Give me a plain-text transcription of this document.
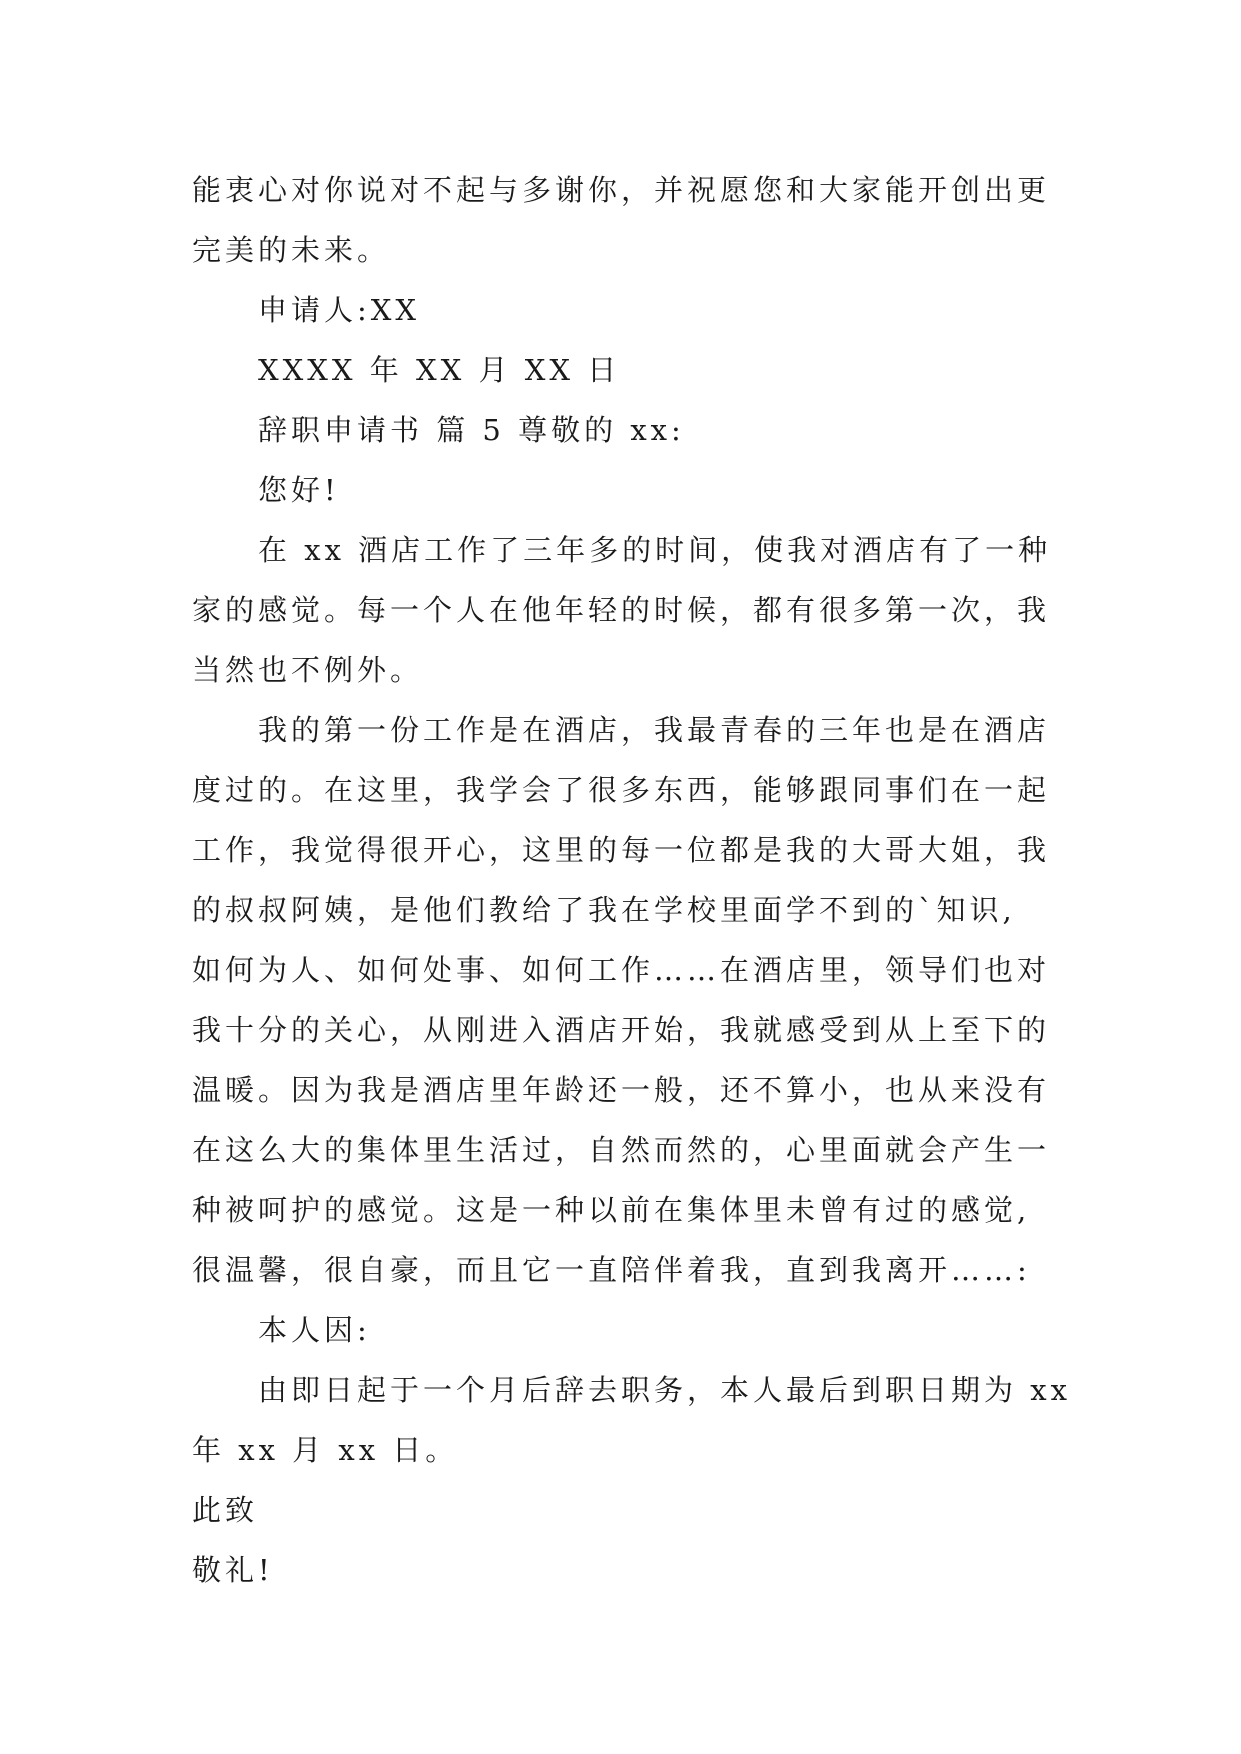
能衷心对你说对不起与多谢你，并祝愿您和大家能开创出更
完美的未来。
申请人:XX
XXXX 年 XX 月 XX 日
辞职申请书 篇 5 尊敬的 xx:
您好!
在 xx 酒店工作了三年多的时间，使我对酒店有了一种
家的感觉。每一个人在他年轻的时候，都有很多第一次，我
当然也不例外。
我的第一份工作是在酒店，我最青春的三年也是在酒店
度过的。在这里，我学会了很多东西，能够跟同事们在一起
工作，我觉得很开心，这里的每一位都是我的大哥大姐，我
的叔叔阿姨，是他们教给了我在学校里面学不到的`知识,
如何为人、如何处事、如何工作……在酒店里，领导们也对
我十分的关心，从刚进入酒店开始，我就感受到从上至下的
温暖。因为我是酒店里年龄还一般，还不算小，也从来没有
在这么大的集体里生活过，自然而然的，心里面就会产生一
种被呵护的感觉。这是一种以前在集体里未曾有过的感觉,
很温馨，很自豪，而且它一直陪伴着我，直到我离开……:
本人因:
由即日起于一个月后辞去职务，本人最后到职日期为 xx
年 xx 月 xx 日。
此致
敬礼!
